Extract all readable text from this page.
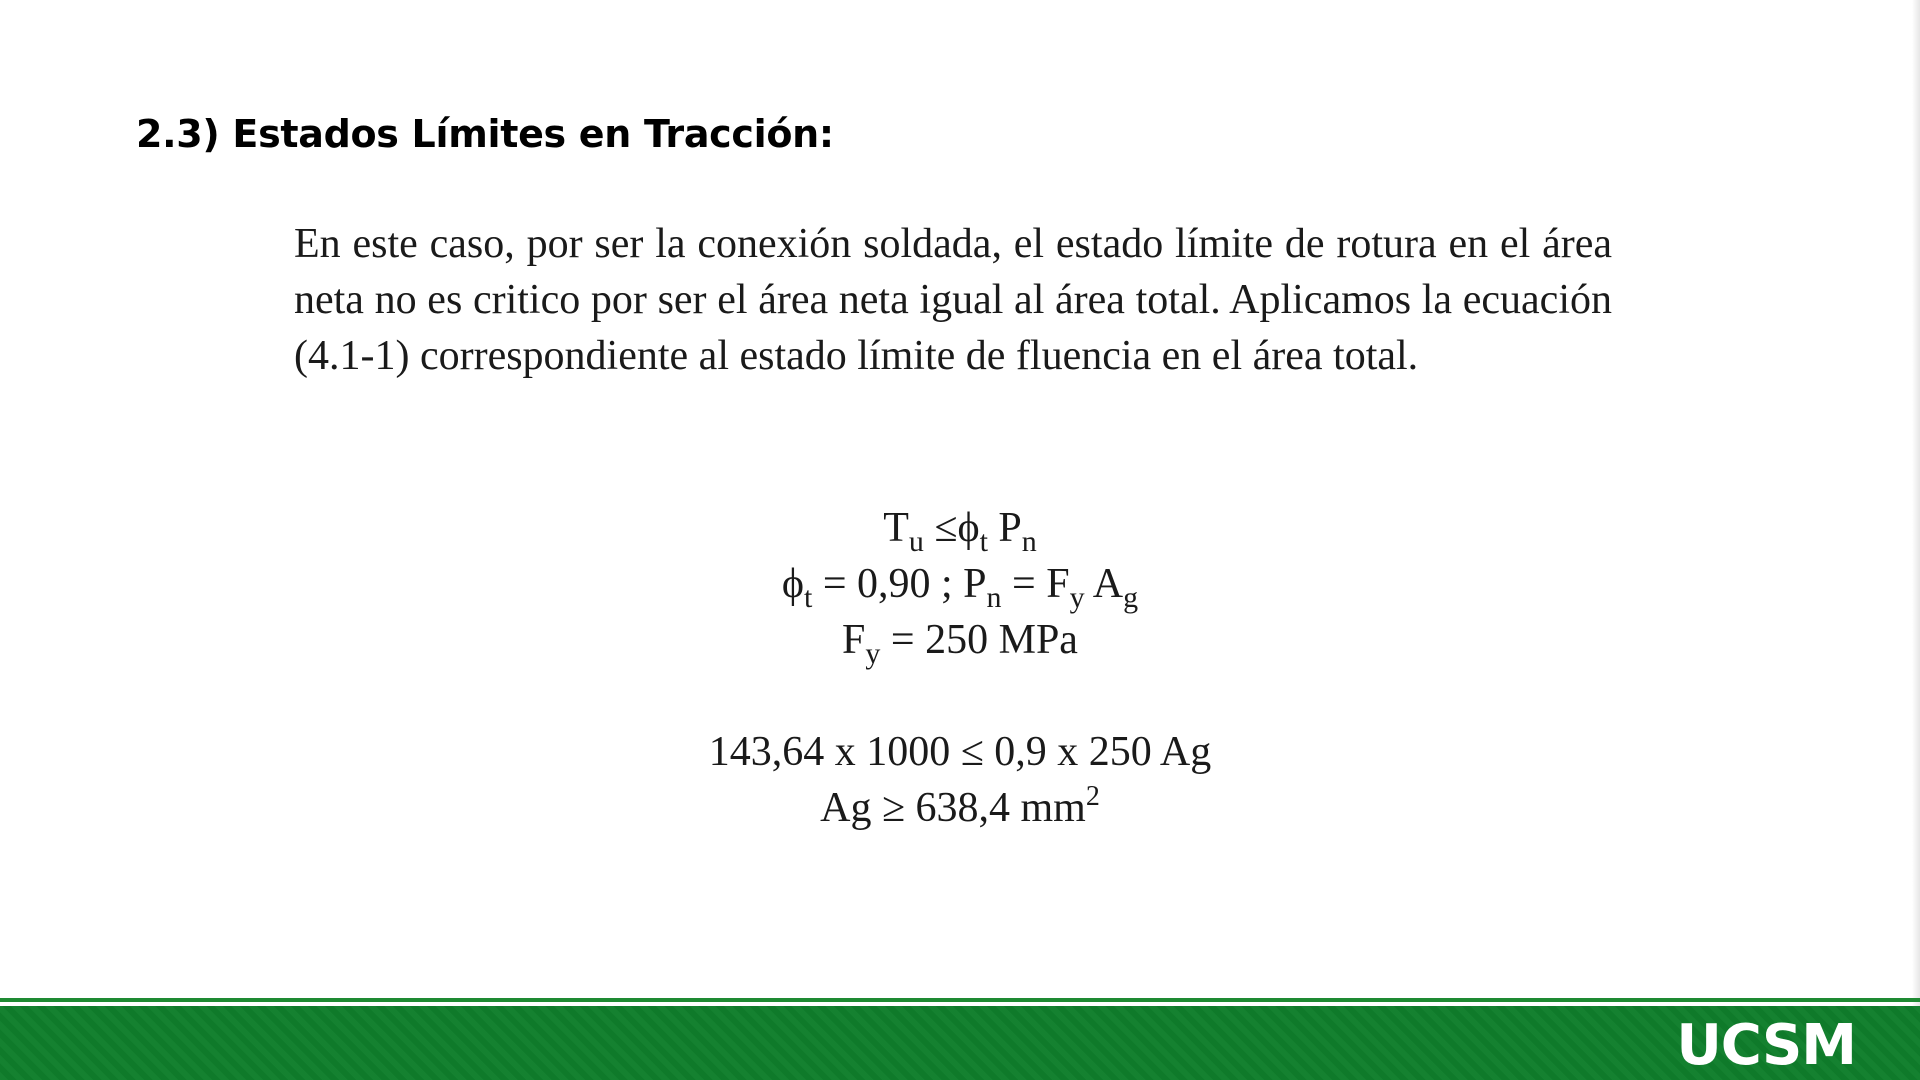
2.3) Estados Límites en Tracción:

En este caso, por ser la conexión soldada, el estado límite de rotura en el área neta no es critico por ser el área neta igual al área total. Aplicamos la ecuación (4.1-1) correspondiente al estado límite de fluencia en el área total.

$T_u \le\phi_t$ $P_n$
$\phi_t = 0,90$ ; $P_n = F_y$ $A_g$
$F_y = 250$ MPa
143,64 x 1000 ≤ 0,9 x 250 Ag
Ag ≥ 638,4 $mm^2$
UCSM
